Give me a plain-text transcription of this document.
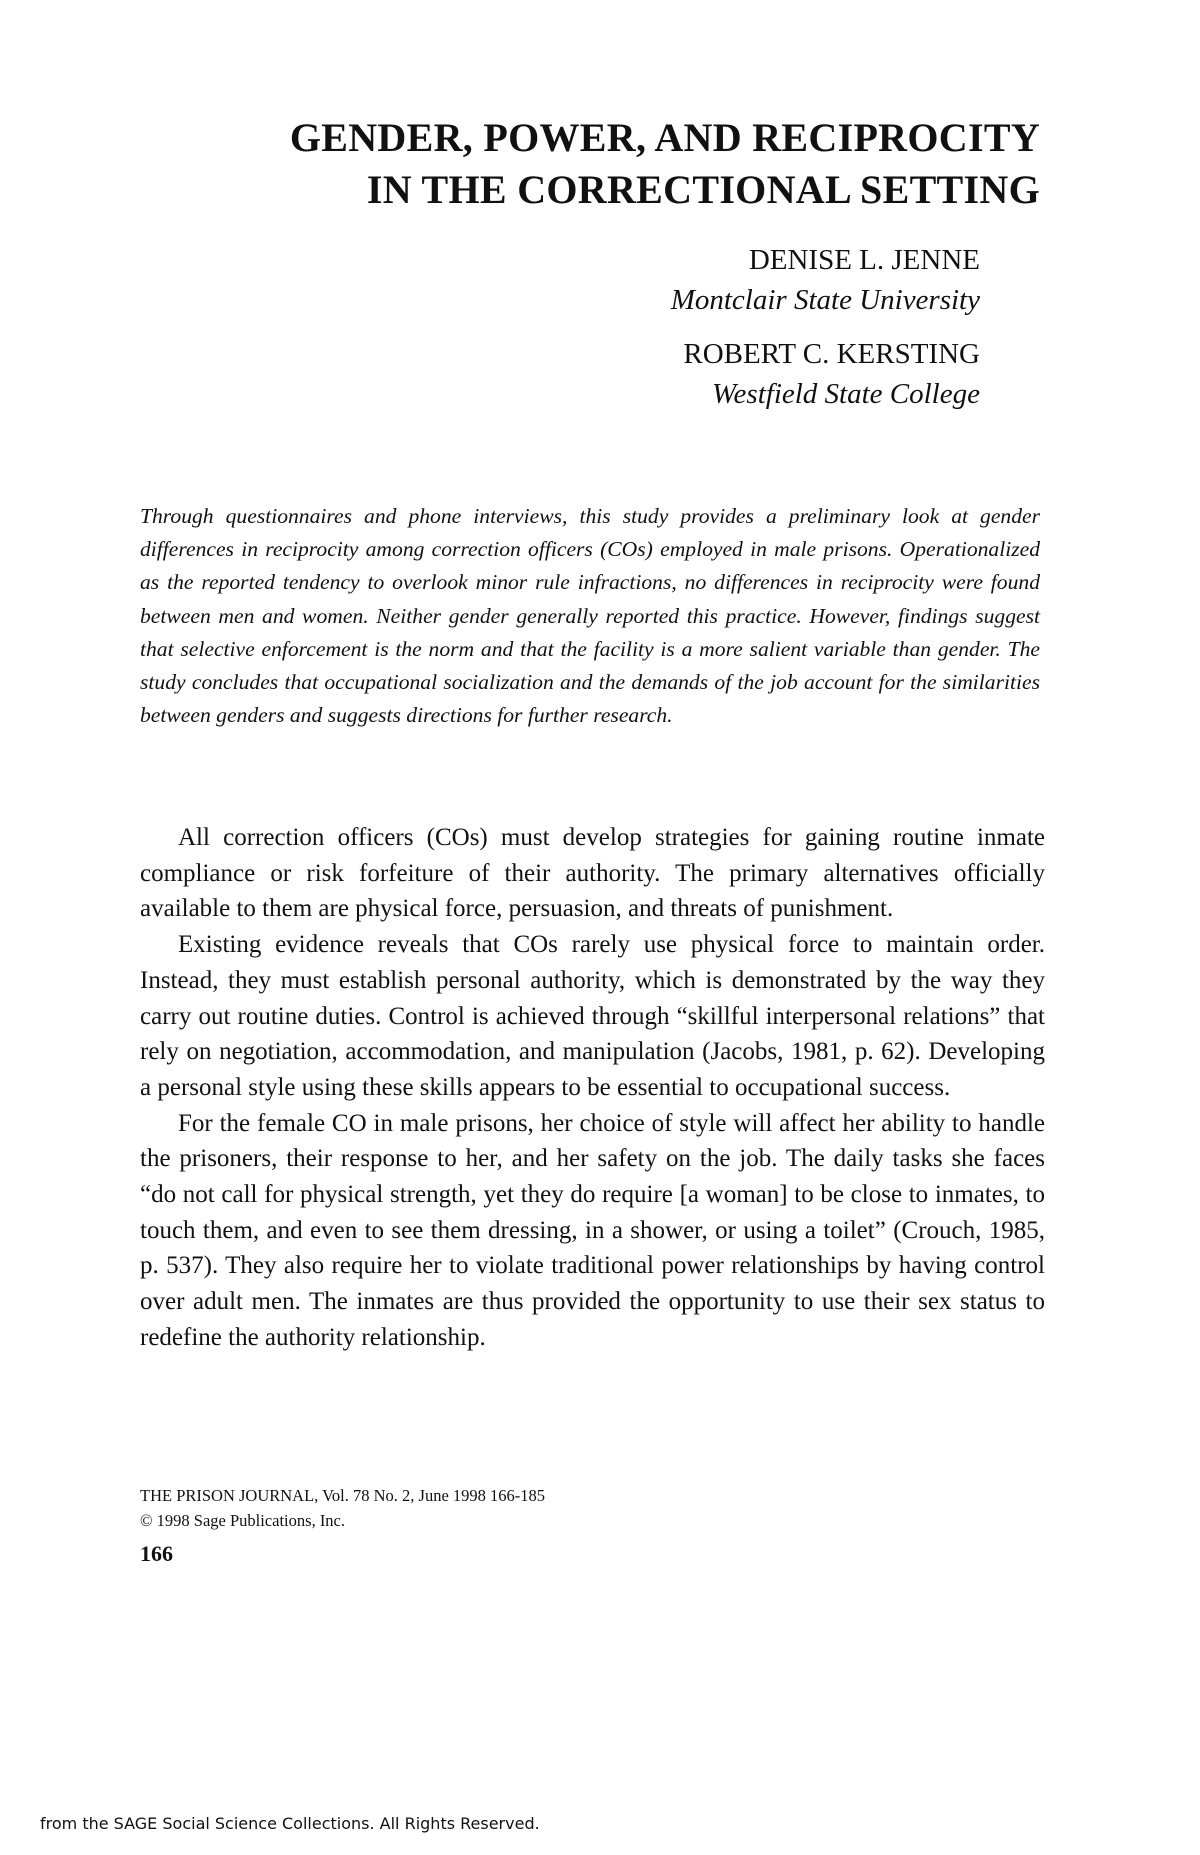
GENDER, POWER, AND RECIPROCITY
IN THE CORRECTIONAL SETTING
DENISE L. JENNE
Montclair State University
ROBERT C. KERSTING
Westfield State College

Through questionnaires and phone interviews, this study provides a preliminary look at gender differences in reciprocity among correction officers (COs) employed in male prisons. Operationalized as the reported tendency to overlook minor rule infractions, no differences in reciprocity were found between men and women. Neither gender generally reported this practice. However, findings suggest that selective enforcement is the norm and that the facility is a more salient variable than gender. The study concludes that occupational socialization and the demands of the job account for the similarities between genders and suggests directions for further research.

All correction officers (COs) must develop strategies for gaining routine inmate compliance or risk forfeiture of their authority. The primary alternatives officially available to them are physical force, persuasion, and threats of punishment.

Existing evidence reveals that COs rarely use physical force to maintain order. Instead, they must establish personal authority, which is demonstrated by the way they carry out routine duties. Control is achieved through “skillful interpersonal relations” that rely on negotiation, accommodation, and manipulation (Jacobs, 1981, p. 62). Developing a personal style using these skills appears to be essential to occupational success.

For the female CO in male prisons, her choice of style will affect her ability to handle the prisoners, their response to her, and her safety on the job. The daily tasks she faces “do not call for physical strength, yet they do require [a woman] to be close to inmates, to touch them, and even to see them dressing, in a shower, or using a toilet” (Crouch, 1985, p. 537). They also require her to violate traditional power relationships by having control over adult men. The inmates are thus provided the opportunity to use their sex status to redefine the authority relationship.

THE PRISON JOURNAL, Vol. 78 No. 2, June 1998 166-185
© 1998 Sage Publications, Inc.
166
from the SAGE Social Science Collections. All Rights Reserved.
